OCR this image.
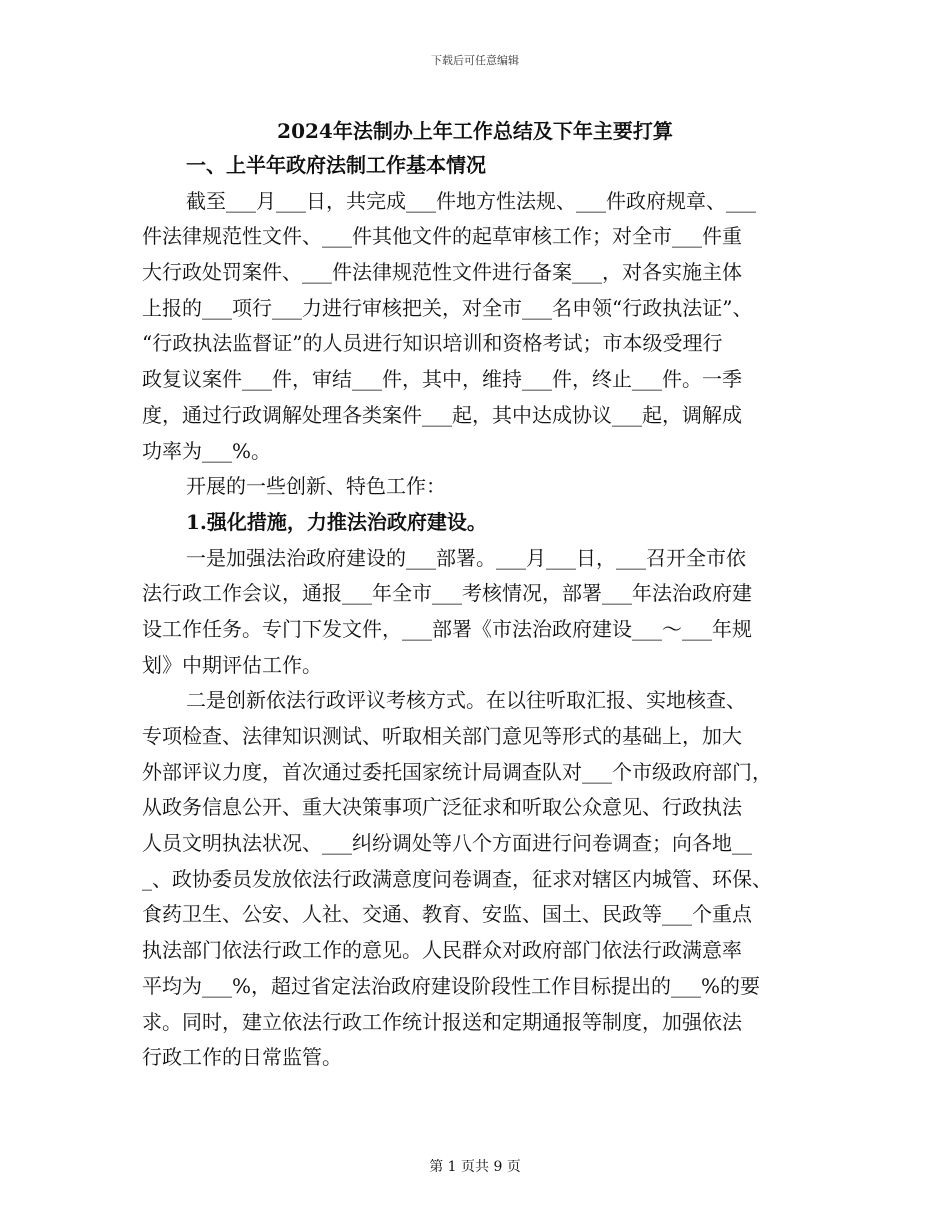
下载后可任意编辑
2024年法制办上年工作总结及下年主要打算
一、上半年政府法制工作基本情况
截至___月___日，共完成___件地方性法规、___件政府规章、___
件法律规范性文件、___件其他文件的起草审核工作；对全市___件重
大行政处罚案件、___件法律规范性文件进行备案___，对各实施主体
上报的___项行___力进行审核把关，对全市___名申领“行政执法证”、
“行政执法监督证”的人员进行知识培训和资格考试；市本级受理行
政复议案件___件，审结___件，其中，维持___件，终止___件。一季
度，通过行政调解处理各类案件___起，其中达成协议___起，调解成
功率为___%。
开展的一些创新、特色工作：
1.强化措施，力推法治政府建设。
一是加强法治政府建设的___部署。___月___日，___召开全市依
法行政工作会议，通报___年全市___考核情况，部署___年法治政府建
设工作任务。专门下发文件，___部署《市法治政府建设___～___年规
划》中期评估工作。
二是创新依法行政评议考核方式。在以往听取汇报、实地核查、
专项检查、法律知识测试、听取相关部门意见等形式的基础上，加大
外部评议力度，首次通过委托国家统计局调查队对___个市级政府部门，
从政务信息公开、重大决策事项广泛征求和听取公众意见、行政执法
人员文明执法状况、___纠纷调处等八个方面进行问卷调查；向各地__
_、政协委员发放依法行政满意度问卷调查，征求对辖区内城管、环保、
食药卫生、公安、人社、交通、教育、安监、国土、民政等___个重点
执法部门依法行政工作的意见。人民群众对政府部门依法行政满意率
平均为___%，超过省定法治政府建设阶段性工作目标提出的___%的要
求。同时，建立依法行政工作统计报送和定期通报等制度，加强依法
行政工作的日常监管。
第 1 页共 9 页
